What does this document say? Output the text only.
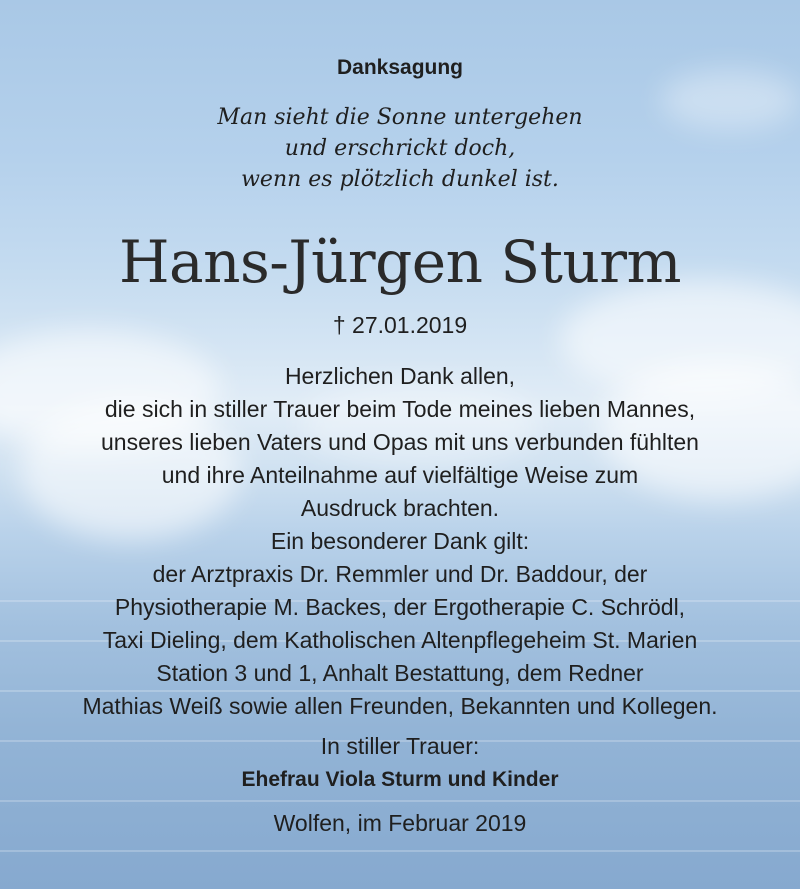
Danksagung
Man sieht die Sonne untergehen
und erschrickt doch,
wenn es plötzlich dunkel ist.
Hans-Jürgen Sturm
† 27.01.2019
Herzlichen Dank allen,
die sich in stiller Trauer beim Tode meines lieben Mannes,
unseres lieben Vaters und Opas mit uns verbunden fühlten
und ihre Anteilnahme auf vielfältige Weise zum
Ausdruck brachten.
Ein besonderer Dank gilt:
der Arztpraxis Dr. Remmler und Dr. Baddour, der
Physiotherapie M. Backes, der Ergotherapie C. Schrödl,
Taxi Dieling, dem Katholischen Altenpflegeheim St. Marien
Station 3 und 1, Anhalt Bestattung, dem Redner
Mathias Weiß sowie allen Freunden, Bekannten und Kollegen.
In stiller Trauer:
Ehefrau Viola Sturm und Kinder
Wolfen, im Februar 2019
